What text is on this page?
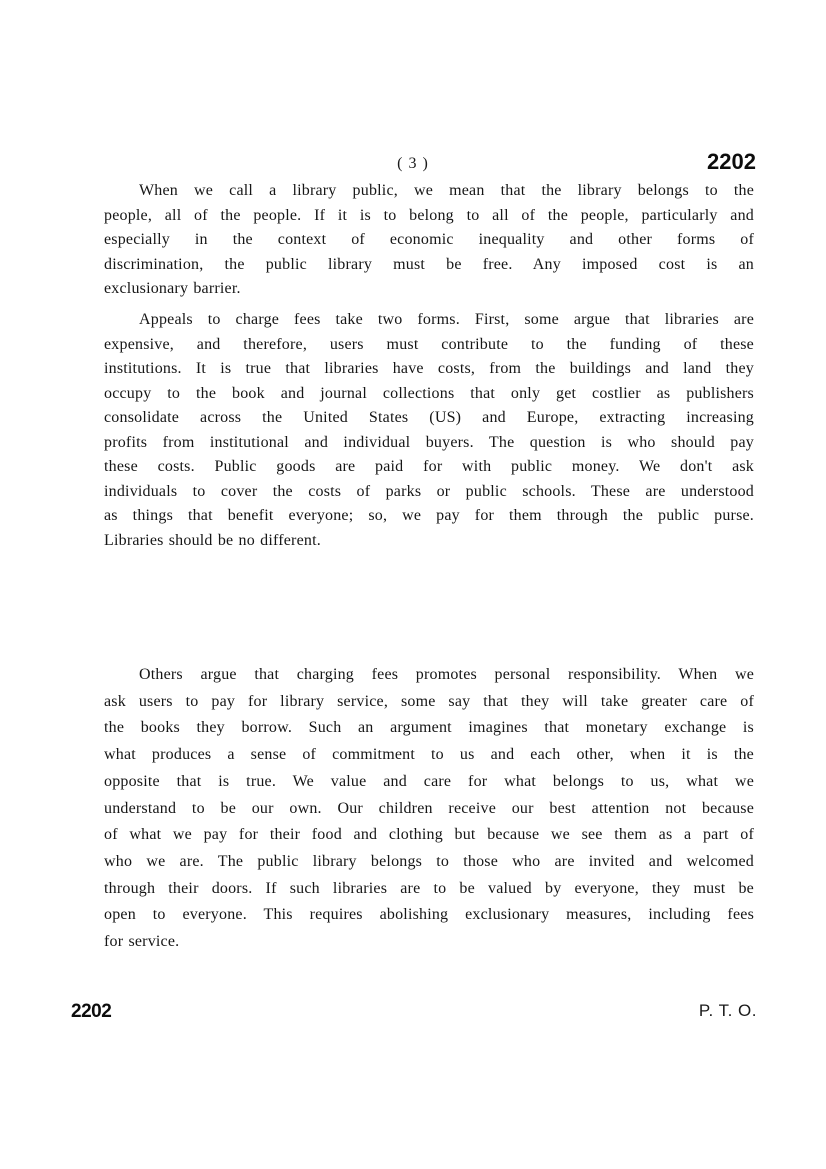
( 3 )	2202
When we call a library public, we mean that the library belongs to the
people, all of the people. If it is to belong to all of the people, particularly and
especially in the context of economic inequality and other forms of
discrimination, the public library must be free. Any imposed cost is an
exclusionary barrier.
Appeals to charge fees take two forms. First, some argue that libraries are
expensive, and therefore, users must contribute to the funding of these
institutions. It is true that libraries have costs, from the buildings and land they
occupy to the book and journal collections that only get costlier as publishers
consolidate across the United States (US) and Europe, extracting increasing
profits from institutional and individual buyers. The question is who should pay
these costs. Public goods are paid for with public money. We don't ask
individuals to cover the costs of parks or public schools. These are understood
as things that benefit everyone; so, we pay for them through the public purse.
Libraries should be no different.
Others argue that charging fees promotes personal responsibility. When we
ask users to pay for library service, some say that they will take greater care of
the books they borrow. Such an argument imagines that monetary exchange is
what produces a sense of commitment to us and each other, when it is the
opposite that is true. We value and care for what belongs to us, what we
understand to be our own. Our children receive our best attention not because
of what we pay for their food and clothing but because we see them as a part of
who we are. The public library belongs to those who are invited and welcomed
through their doors. If such libraries are to be valued by everyone, they must be
open to everyone. This requires abolishing exclusionary measures, including fees
for service.
2202	P. T. O.
